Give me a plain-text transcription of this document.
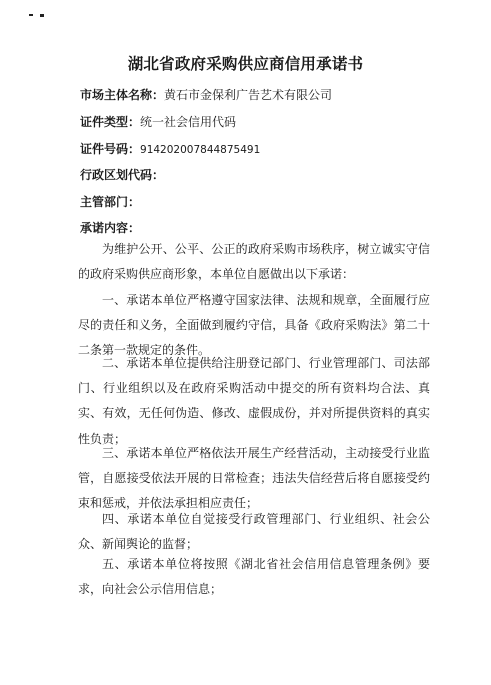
湖北省政府采购供应商信用承诺书
市场主体名称：黄石市金保利广告艺术有限公司
证件类型：统一社会信用代码
证件号码：914202007844875491
行政区划代码：
主管部门：
承诺内容：

为维护公开、公平、公正的政府采购市场秩序，树立诚实守信的政府采购供应商形象，本单位自愿做出以下承诺：

一、承诺本单位严格遵守国家法律、法规和规章，全面履行应尽的责任和义务，全面做到履约守信，具备《政府采购法》第二十二条第一款规定的条件。

二、承诺本单位提供给注册登记部门、行业管理部门、司法部门、行业组织以及在政府采购活动中提交的所有资料均合法、真实、有效，无任何伪造、修改、虚假成份，并对所提供资料的真实性负责；

三、承诺本单位严格依法开展生产经营活动，主动接受行业监管，自愿接受依法开展的日常检查；违法失信经营后将自愿接受约束和惩戒，并依法承担相应责任；

四、承诺本单位自觉接受行政管理部门、行业组织、社会公众、新闻舆论的监督；

五、承诺本单位将按照《湖北省社会信用信息管理条例》要求，向社会公示信用信息；
